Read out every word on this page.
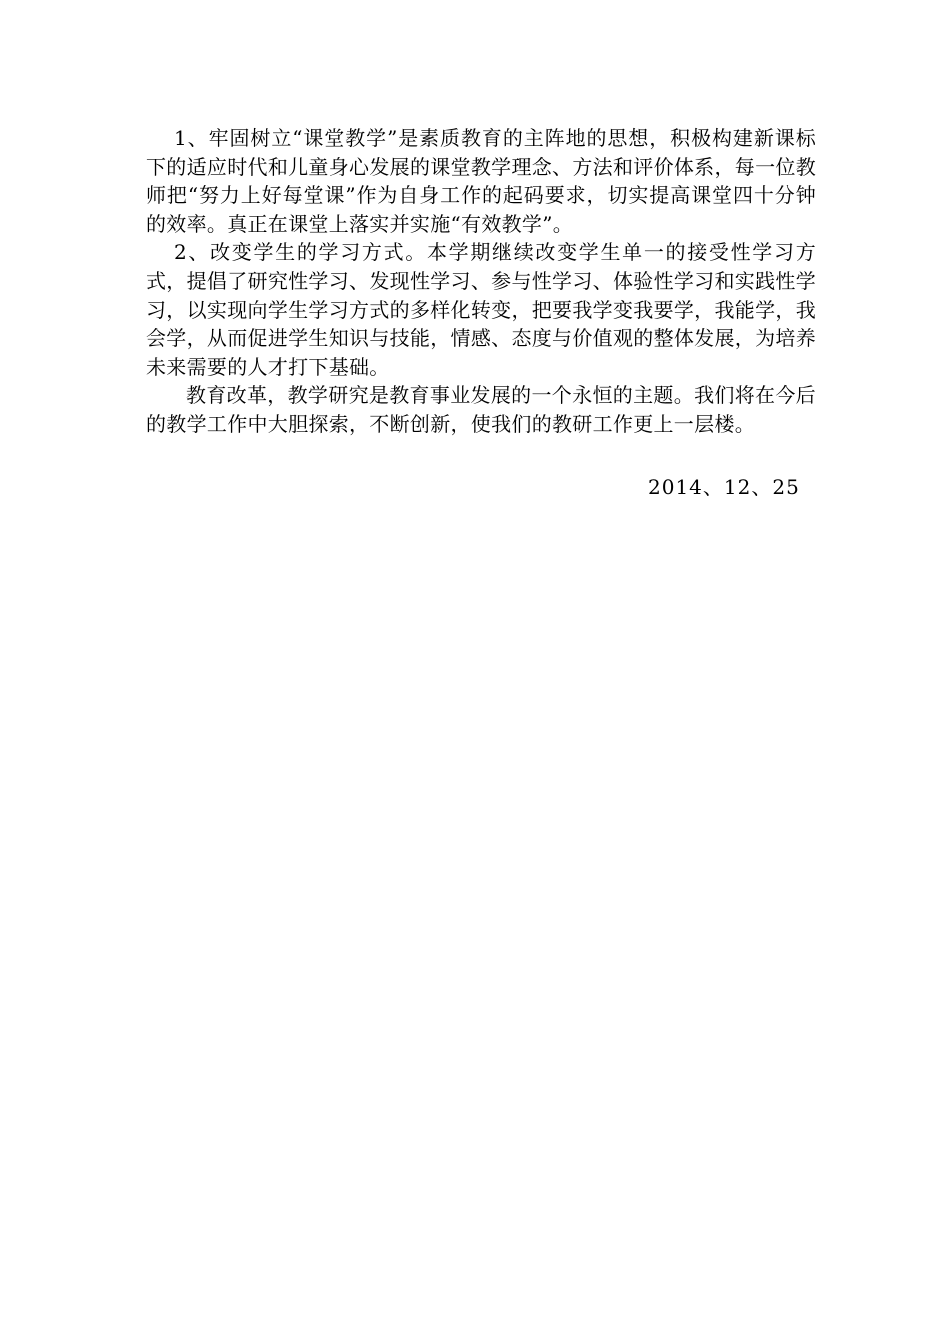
1、牢固树立“课堂教学”是素质教育的主阵地的思想，积极构建新课标下的适应时代和儿童身心发展的课堂教学理念、方法和评价体系，每一位教师把“努力上好每堂课”作为自身工作的起码要求，切实提高课堂四十分钟的效率。真正在课堂上落实并实施“有效教学”。

2、改变学生的学习方式。本学期继续改变学生单一的接受性学习方式，提倡了研究性学习、发现性学习、参与性学习、体验性学习和实践性学习，以实现向学生学习方式的多样化转变，把要我学变我要学，我能学，我会学，从而促进学生知识与技能，情感、态度与价值观的整体发展，为培养未来需要的人才打下基础。

教育改革，教学研究是教育事业发展的一个永恒的主题。我们将在今后的教学工作中大胆探索，不断创新，使我们的教研工作更上一层楼。

2014、12、25
